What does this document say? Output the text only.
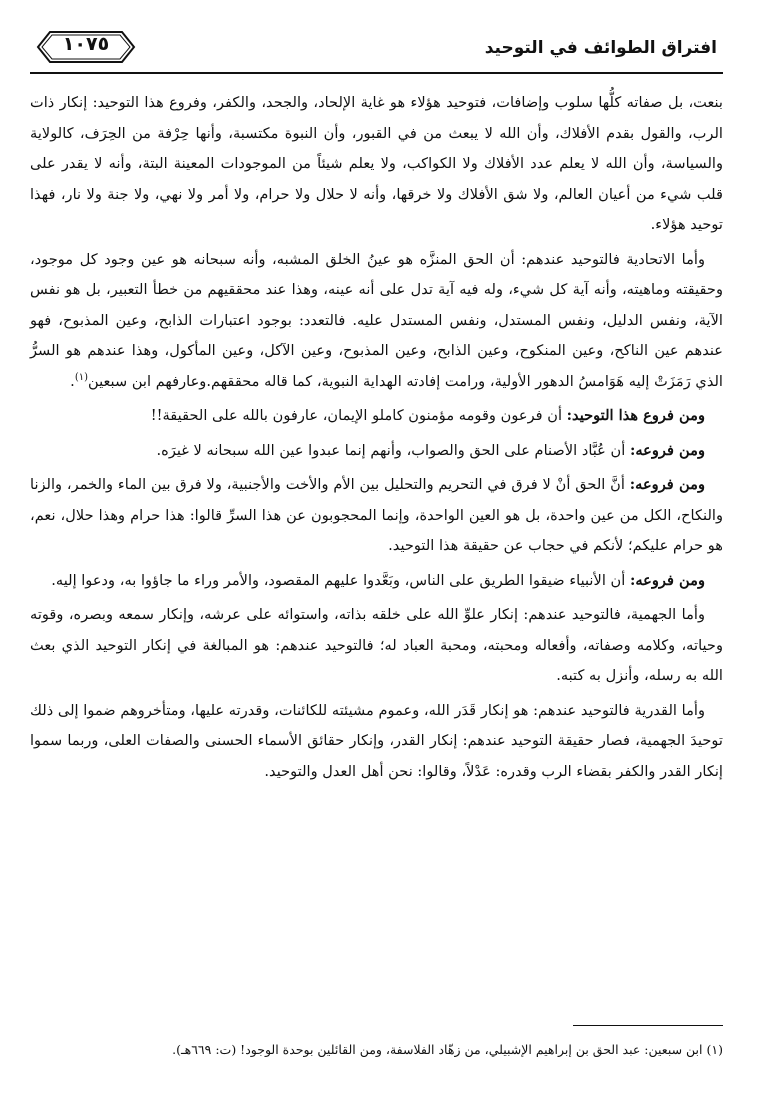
افتراق الطوائف في التوحيد
١٠٧٥

بنعت، بل صفاته كلُّها سلوب وإضافات، فتوحيد هؤلاء هو غاية الإلحاد، والجحد، والكفر، وفروع هذا التوحيد: إنكار ذات الرب، والقول بقدم الأفلاك، وأن الله لا يبعث من في القبور، وأن النبوة مكتسبة، وأنها حِرْفة من الحِرَف، كالولاية والسياسة، وأن الله لا يعلم عدد الأفلاك ولا الكواكب، ولا يعلم شيئاً من الموجودات المعينة البتة، وأنه لا يقدر على قلب شيء من أعيان العالم، ولا شق الأفلاك ولا خرقها، وأنه لا حلال ولا حرام، ولا أمر ولا نهي، ولا جنة ولا نار، فهذا توحيد هؤلاء.

وأما الاتحادية فالتوحيد عندهم: أن الحق المنزَّه هو عينُ الخلق المشبه، وأنه سبحانه هو عين وجود كل موجود، وحقيقته وماهيته، وأنه آية كل شيء، وله فيه آية تدل على أنه عينه، وهذا عند محققيهم من خطأ التعبير، بل هو نفس الآية، ونفس الدليل، ونفس المستدل، ونفس المستدل عليه. فالتعدد: بوجود اعتبارات الذابح، وعين المذبوح، فهو عندهم عين الناكح، وعين المنكوح، وعين الذابح، وعين المذبوح، وعين الآكل، وعين المأكول، وهذا عندهم هو السرُّ الذي رَمَزَتْ إليه هَوَامسُ الدهور الأولية، ورامت إفادته الهداية النبوية، كما قاله محققهم.وعارفهم ابن سبعين$^{(١)}$.

ومن فروع هذا التوحيد: أن فرعون وقومه مؤمنون كاملو الإيمان، عارفون بالله على الحقيقة!!

ومن فروعه: أن عُبَّاد الأصنام على الحق والصواب، وأنهم إنما عبدوا عين الله سبحانه لا غيرَه.

ومن فروعه: أنَّ الحق أنْ لا فرق في التحريم والتحليل بين الأم والأخت والأجنبية، ولا فرق بين الماء والخمر، والزنا والنكاح، الكل من عين واحدة، بل هو العين الواحدة، وإنما المحجوبون عن هذا السرِّ قالوا: هذا حرام وهذا حلال، نعم، هو حرام عليكم؛ لأنكم في حجاب عن حقيقة هذا التوحيد.

ومن فروعه: أن الأنبياء ضيقوا الطريق على الناس، وبَعَّدوا عليهم المقصود، والأمر وراء ما جاؤوا به، ودعوا إليه.

وأما الجهمية، فالتوحيد عندهم: إنكار علوِّ الله على خلقه بذاته، واستوائه على عرشه، وإنكار سمعه وبصره، وقوته وحياته، وكلامه وصفاته، وأفعاله ومحبته، ومحبة العباد له؛ فالتوحيد عندهم: هو المبالغة في إنكار التوحيد الذي بعث الله به رسله، وأنزل به كتبه.

وأما القدرية فالتوحيد عندهم: هو إنكار قَدَر الله، وعموم مشيئته للكائنات، وقدرته عليها، ومتأخروهم ضموا إلى ذلك توحيدَ الجهمية، فصار حقيقة التوحيد عندهم: إنكار القدر، وإنكار حقائق الأسماء الحسنى والصفات العلى، وربما سموا إنكار القدر والكفر بقضاء الرب وقدره: عَدْلاً، وقالوا: نحن أهل العدل والتوحيد.

(١) ابن سبعين: عبد الحق بن إبراهيم الإشبيلي، من زهّاد الفلاسفة، ومن القائلين بوحدة الوجود! (ت: ٦٦٩هـ).
